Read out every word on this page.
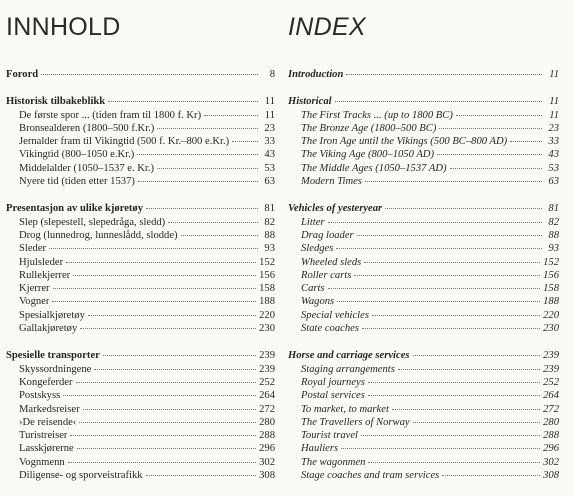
INNHOLD
Forord	8
Historisk tilbakeblikk	11
De første spor ... (tiden fram til 1800 f. Kr)	11
Bronsealderen (1800–500 f.Kr.)	23
Jernalder fram til Vikingtid (500 f. Kr.–800 e.Kr.)	33
Vikingtid (800–1050 e.Kr.)	43
Middelalder (1050–1537 e. Kr.)	53
Nyere tid (tiden etter 1537)	63
Presentasjon av ulike kjøretøy	81
Slep (slepestell, slepedråga, sledd)	82
Drog (lunnedrog, lunneslådd, slodde)	88
Sleder	93
Hjulsleder	152
Rullekjerrer	156
Kjerrer	158
Vogner	188
Spesialkjøretøy	220
Gallakjøretøy	230
Spesielle transporter	239
Skyssordningene	239
Kongeferder	252
Postskyss	264
Markedsreiser	272
›De reisende‹	280
Turistreiser	288
Lasskjørerne	296
Vognmenn	302
Diligense- og sporveistrafikk	308
INDEX
Introduction	11
Historical	11
The First Tracks ... (up to 1800 BC)	11
The Bronze Age (1800–500 BC)	23
The Iron Age until the Vikings (500 BC–800 AD)	33
The Viking Age (800–1050 AD)	43
The Middle Ages (1050–1537 AD)	53
Modern Times	63
Vehicles of yesteryear	81
Litter	82
Drag loader	88
Sledges	93
Wheeled sleds	152
Roller carts	156
Carts	158
Wagons	188
Special vehicles	220
State coaches	230
Horse and carriage services	239
Staging arrangements	239
Royal journeys	252
Postal services	264
To market, to market	272
The Travellers of Norway	280
Tourist travel	288
Hauliers	296
The wagonmen	302
Stage coaches and tram services	308
